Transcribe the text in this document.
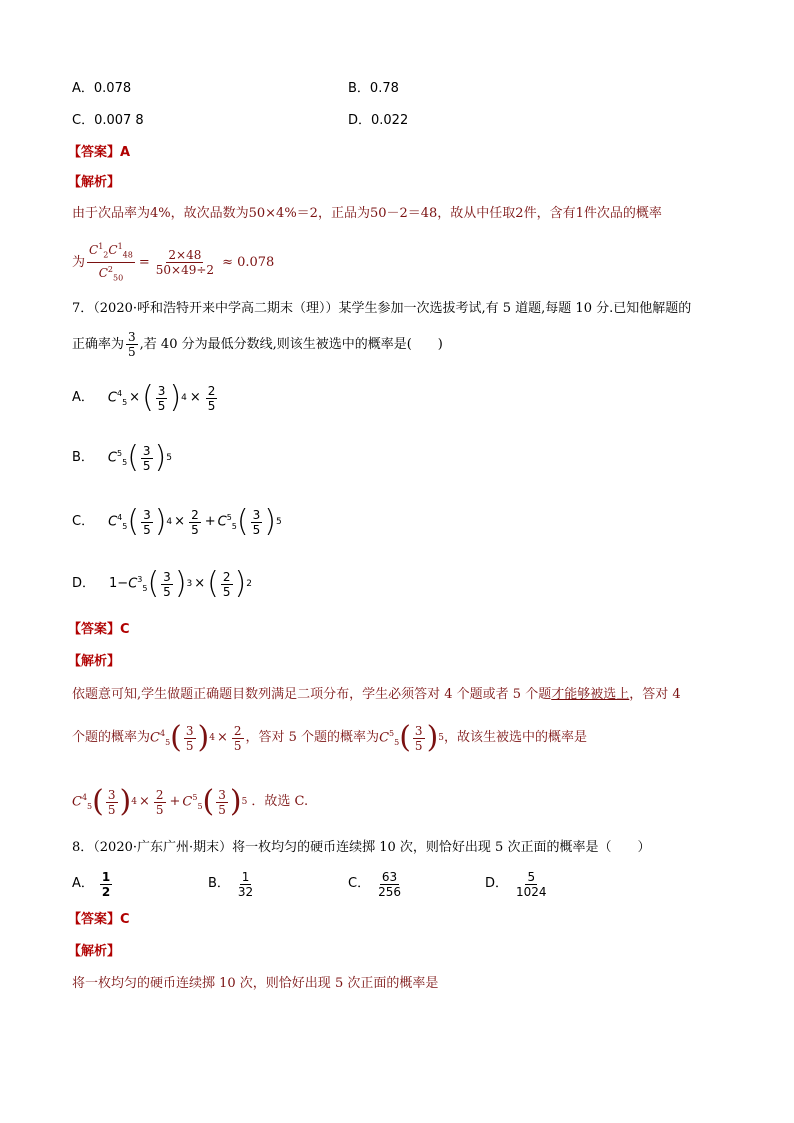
A．0.078	B．0.78
C．0.007 8	D．0.022
【答案】A
【解析】
由于次品率为4%，故次品数为50×4%＝2，正品为50－2＝48，故从中任取2件，含有1件次品的概率
为 $\frac{C^1_2C^1_{48}}{C^2_{50}} = \frac{2\times 48}{50\times 49\div 2} \approx 0.078$
7．（2020·呼和浩特开来中学高二期末（理））某学生参加一次选拔考试,有 5 道题,每题 10 分.已知他解题的
正确率为 $\frac{3}{5}$ ,若 40 分为最低分数线,则该生被选中的概率是(　　)
A． $C^4_5$ × ( $\frac{3}{5}$ ) $4 \times \frac{2}{5}$
B． $C^5_5$ ( $\frac{3}{5}$ ) 5
C． $C^4_5$ ( $\frac{3}{5}$ ) $4 \times \frac{2}{5} + C^5_5$ ( $\frac{3}{5}$ ) 5
D． $1- C^3_5$ ( $\frac{3}{5}$ ) 3 × ( $\frac{2}{5}$ ) 2
【答案】C
【解析】
依题意可知,学生做题正确题目数列满足二项分布，学生必须答对 4 个题或者 5 个题才能够被选上，答对 4
个题的概率为 $C^4_5$ ( $\frac{3}{5}$ ) $4 \times \frac{2}{5}$ ，答对 5 个题的概率为 $C^5_5$ ( $\frac{3}{5}$ ) 5 ，故该生被选中的概率是
$C^4_5$ ( $\frac{3}{5}$ ) $4 \times \frac{2}{5} + C^5_5$ ( $\frac{3}{5}$ ) 5 ．故选 C.
8．（2020·广东广州·期末）将一枚均匀的硬币连续掷 10 次，则恰好出现 5 次正面的概率是（　　）
A． $\frac{1}{2}$	B． $\frac{1}{32}$	C． $\frac{63}{256}$	D． $\frac{5}{1024}$
【答案】C
【解析】
将一枚均匀的硬币连续掷 10 次，则恰好出现 5 次正面的概率是
